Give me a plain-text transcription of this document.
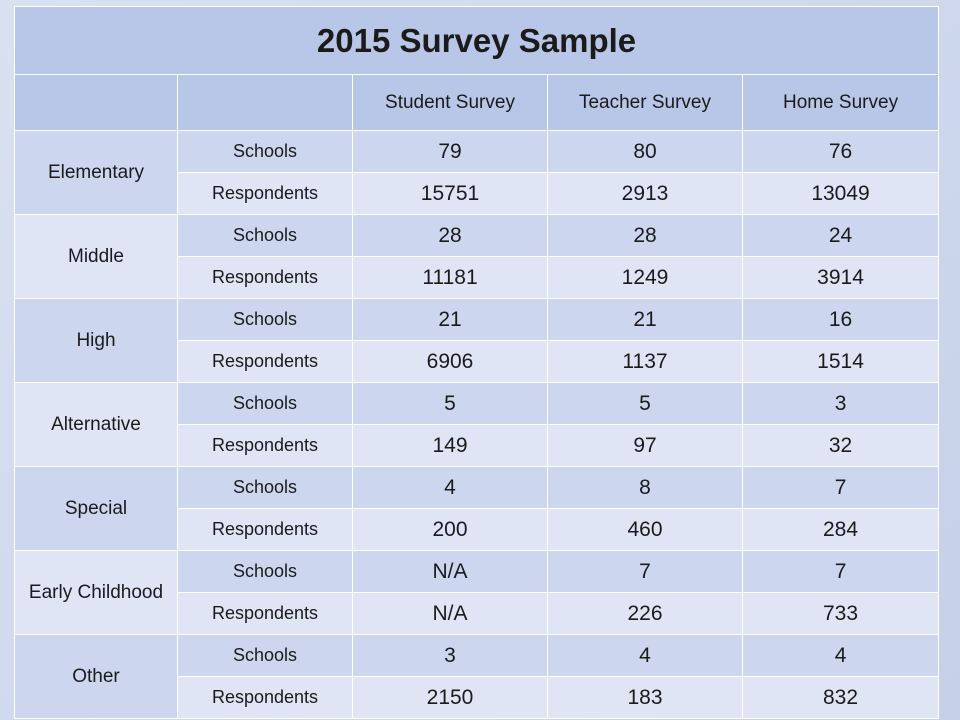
2015 Survey Sample				
		Student Survey	Teacher Survey	Home Survey
Elementary	Schools	79	80	76
	Respondents	15751	2913	13049
Middle	Schools	28	28	24
	Respondents	11181	1249	3914
High	Schools	21	21	16
	Respondents	6906	1137	1514
Alternative	Schools	5	5	3
	Respondents	149	97	32
Special	Schools	4	8	7
	Respondents	200	460	284
Early Childhood	Schools	N/A	7	7
	Respondents	N/A	226	733
Other	Schools	3	4	4
	Respondents	2150	183	832
